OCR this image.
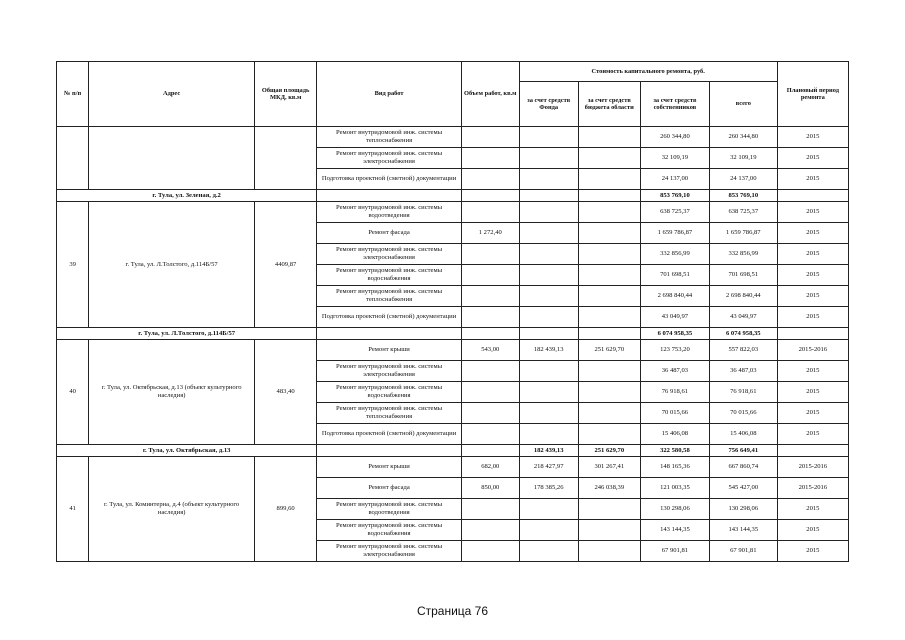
№ п/п	Адрес	Общая площадь МКД, кв.м	Вид работ	Объем работ, кв.м	Стоимость капитального ремонта, руб.				Плановый период ремонта
					за счет средств Фонда	за счет средств бюджета области	за счет средств собственников	всего	
			Ремонт внутридомовой инж. системы теплоснабжения				260 344,80	260 344,80	2015
			Ремонт внутридомовой инж. системы электроснабжения				32 109,19	32 109,19	2015
			Подготовка проектной (сметной) документации				24 137,00	24 137,00	2015
г. Тула, ул. Зеленая, д.2							853 769,10	853 769,10	
39	г. Тула, ул. Л.Толстого, д.114Б/57	4409,87	Ремонт внутридомовой инж. системы водоотведения				638 725,37	638 725,37	2015
			Ремонт фасада	1 272,40			1 659 786,87	1 659 786,87	2015
			Ремонт внутридомовой инж. системы электроснабжения				332 856,99	332 856,99	2015
			Ремонт внутридомовой инж. системы водоснабжения				701 698,51	701 698,51	2015
			Ремонт внутридомовой инж. системы теплоснабжения				2 698 840,44	2 698 840,44	2015
			Подготовка проектной (сметной) документации				43 049,97	43 049,97	2015
г. Тула, ул. Л.Толстого, д.114Б/57							6 074 958,35	6 074 958,35	
40	г. Тула, ул. Октябрьская, д.13 (объект культурного наследия)	483,40	Ремонт крыши	543,00	182 439,13	251 629,70	123 753,20	557 822,03	2015-2016
			Ремонт внутридомовой инж. системы электроснабжения				36 487,03	36 487,03	2015
			Ремонт внутридомовой инж. системы водоснабжения				76 918,61	76 918,61	2015
			Ремонт внутридомовой инж. системы теплоснабжения				70 015,66	70 015,66	2015
			Подготовка проектной (сметной) документации				15 406,08	15 406,08	2015
г. Тула, ул. Октябрьская, д.13					182 439,13	251 629,70	322 580,58	756 649,41	
41	г. Тула, ул. Коминтерна, д.4 (объект культурного наследия)	899,60	Ремонт крыши	682,00	218 427,97	301 267,41	148 165,36	667 860,74	2015-2016
			Ремонт фасада	850,00	178 385,26	246 038,39	121 003,35	545 427,00	2015-2016
			Ремонт внутридомовой инж. системы водоотведения				130 298,06	130 298,06	2015
			Ремонт внутридомовой инж. системы водоснабжения				143 144,35	143 144,35	2015
			Ремонт внутридомовой инж. системы электроснабжения				67 901,81	67 901,81	2015
Страница 76
